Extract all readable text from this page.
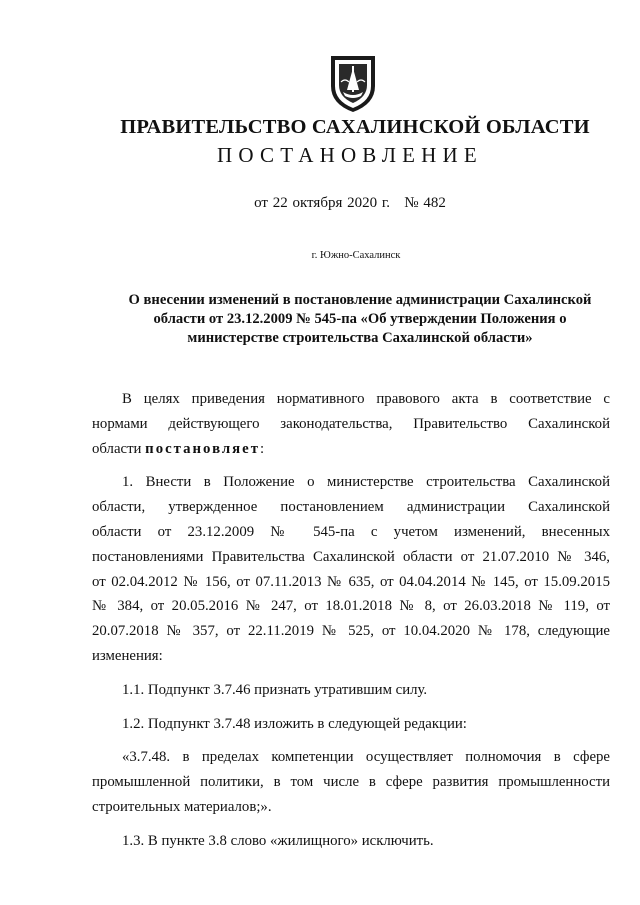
ПРАВИТЕЛЬСТВО САХАЛИНСКОЙ ОБЛАСТИ
ПОСТАНОВЛЕНИЕ
от 22 октября 2020 г.   № 482
г. Южно-Сахалинск
О внесении изменений в постановление администрации Сахалинской
области от 23.12.2009 № 545-па «Об утверждении Положения о
министерстве строительства Сахалинской области»
В целях приведения нормативного правового акта в соответствие с
нормами действующего законодательства, Правительство Сахалинской
области постановляет:
1. Внести в Положение о министерстве строительства Сахалинской
области, утвержденное постановлением администрации Сахалинской
области от 23.12.2009 № 545-па с учетом изменений, внесенных
постановлениями Правительства Сахалинской области от 21.07.2010 № 346,
от 02.04.2012 № 156, от 07.11.2013 № 635, от 04.04.2014 № 145, от 15.09.2015
№ 384, от 20.05.2016 № 247, от 18.01.2018 № 8, от 26.03.2018 № 119, от
20.07.2018 № 357, от 22.11.2019 № 525, от 10.04.2020 № 178, следующие
изменения:
1.1. Подпункт 3.7.46 признать утратившим силу.
1.2. Подпункт 3.7.48 изложить в следующей редакции:
«3.7.48. в пределах компетенции осуществляет полномочия в сфере
промышленной политики, в том числе в сфере развития промышленности
строительных материалов;».
1.3. В пункте 3.8 слово «жилищного» исключить.
